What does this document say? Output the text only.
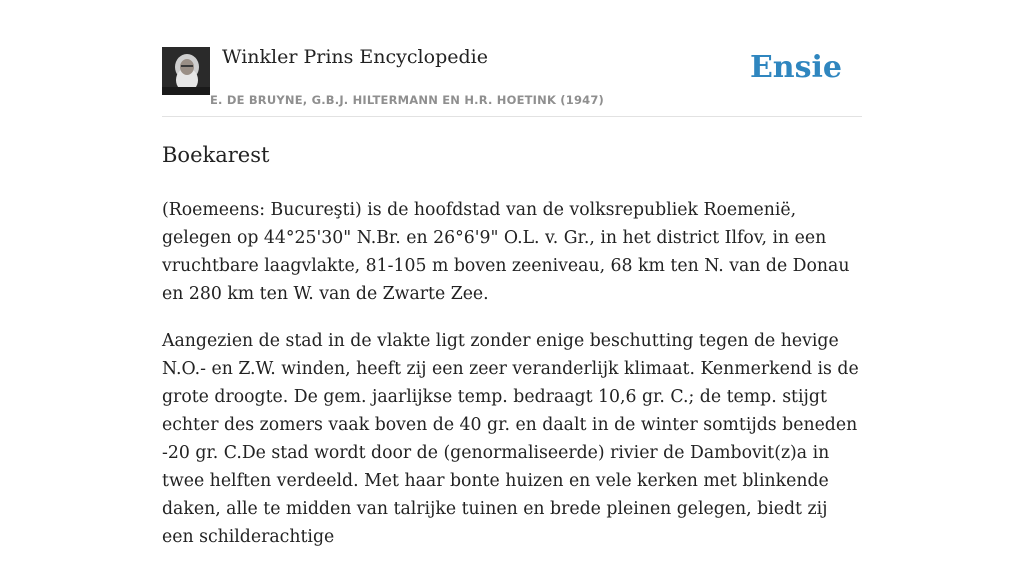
Winkler Prins Encyclopedie
E. DE BRUYNE, G.B.J. HILTERMANN EN H.R. HOETINK (1947)
Ensie
Boekarest

(Roemeens: Bucureşti) is de hoofdstad van de volksrepubliek Roemenië, gelegen op 44°25'30" N.Br. en 26°6'9" O.L. v. Gr., in het district Ilfov, in een vruchtbare laagvlakte, 81-105 m boven zeeniveau, 68 km ten N. van de Donau en 280 km ten W. van de Zwarte Zee.

Aangezien de stad in de vlakte ligt zonder enige beschutting tegen de hevige N.O.- en Z.W. winden, heeft zij een zeer veranderlijk klimaat. Kenmerkend is de grote droogte. De gem. jaarlijkse temp. bedraagt 10,6 gr. C.; de temp. stijgt echter des zomers vaak boven de 40 gr. en daalt in de winter somtijds beneden -20 gr. C.De stad wordt door de (genormaliseerde) rivier de Dambovit(z)a in twee helften verdeeld. Met haar bonte huizen en vele kerken met blinkende daken, alle te midden van talrijke tuinen en brede pleinen gelegen, biedt zij een schilderachtige
